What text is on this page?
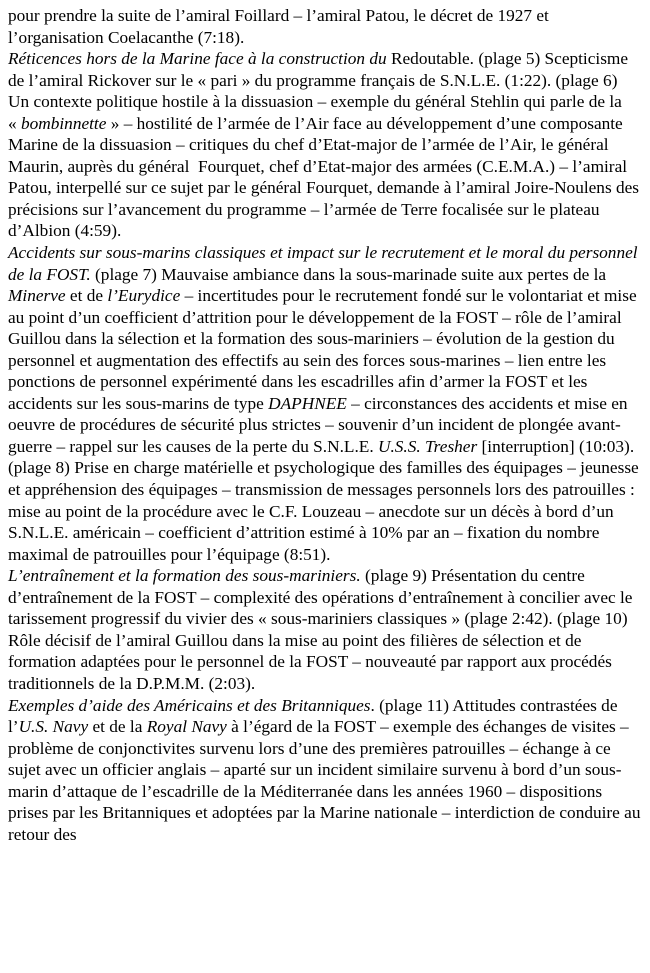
pour prendre la suite de l’amiral Foillard – l’amiral Patou, le décret de 1927 et l’organisation Coelacanthe (7:18).
Réticences hors de la Marine face à la construction du Redoutable. (plage 5) Scepticisme de l’amiral Rickover sur le « pari » du programme français de S.N.L.E. (1:22). (plage 6) Un contexte politique hostile à la dissuasion – exemple du général Stehlin qui parle de la « bombinnette » – hostilité de l’armée de l’Air face au développement d’une composante Marine de la dissuasion – critiques du chef d’Etat-major de l’armée de l’Air, le général Maurin, auprès du général  Fourquet, chef d’Etat-major des armées (C.E.M.A.) – l’amiral Patou, interpellé sur ce sujet par le général Fourquet, demande à l’amiral Joire-Noulens des précisions sur l’avancement du programme – l’armée de Terre focalisée sur le plateau d’Albion (4:59).
Accidents sur sous-marins classiques et impact sur le recrutement et le moral du personnel de la FOST. (plage 7) Mauvaise ambiance dans la sous-marinade suite aux pertes de la Minerve et de l’Eurydice – incertitudes pour le recrutement fondé sur le volontariat et mise au point d’un coefficient d’attrition pour le développement de la FOST – rôle de l’amiral Guillou dans la sélection et la formation des sous-mariniers – évolution de la gestion du personnel et augmentation des effectifs au sein des forces sous-marines – lien entre les ponctions de personnel expérimenté dans les escadrilles afin d’armer la FOST et les accidents sur les sous-marins de type DAPHNEE – circonstances des accidents et mise en oeuvre de procédures de sécurité plus strictes – souvenir d’un incident de plongée avant-guerre – rappel sur les causes de la perte du S.N.L.E. U.S.S. Tresher [interruption] (10:03). (plage 8) Prise en charge matérielle et psychologique des familles des équipages – jeunesse et appréhension des équipages – transmission de messages personnels lors des patrouilles : mise au point de la procédure avec le C.F. Louzeau – anecdote sur un décès à bord d’un S.N.L.E. américain – coefficient d’attrition estimé à 10% par an – fixation du nombre maximal de patrouilles pour l’équipage (8:51).
L’entraînement et la formation des sous-mariniers. (plage 9) Présentation du centre d’entraînement de la FOST – complexité des opérations d’entraînement à concilier avec le tarissement progressif du vivier des « sous-mariniers classiques » (plage 2:42). (plage 10) Rôle décisif de l’amiral Guillou dans la mise au point des filières de sélection et de formation adaptées pour le personnel de la FOST – nouveauté par rapport aux procédés traditionnels de la D.P.M.M. (2:03).
Exemples d’aide des Américains et des Britanniques. (plage 11) Attitudes contrastées de l’U.S. Navy et de la Royal Navy à l’égard de la FOST – exemple des échanges de visites – problème de conjonctivites survenu lors d’une des premières patrouilles – échange à ce sujet avec un officier anglais – aparté sur un incident similaire survenu à bord d’un sous-marin d’attaque de l’escadrille de la Méditerranée dans les années 1960 – dispositions prises par les Britanniques et adoptées par la Marine nationale – interdiction de conduire au retour des
